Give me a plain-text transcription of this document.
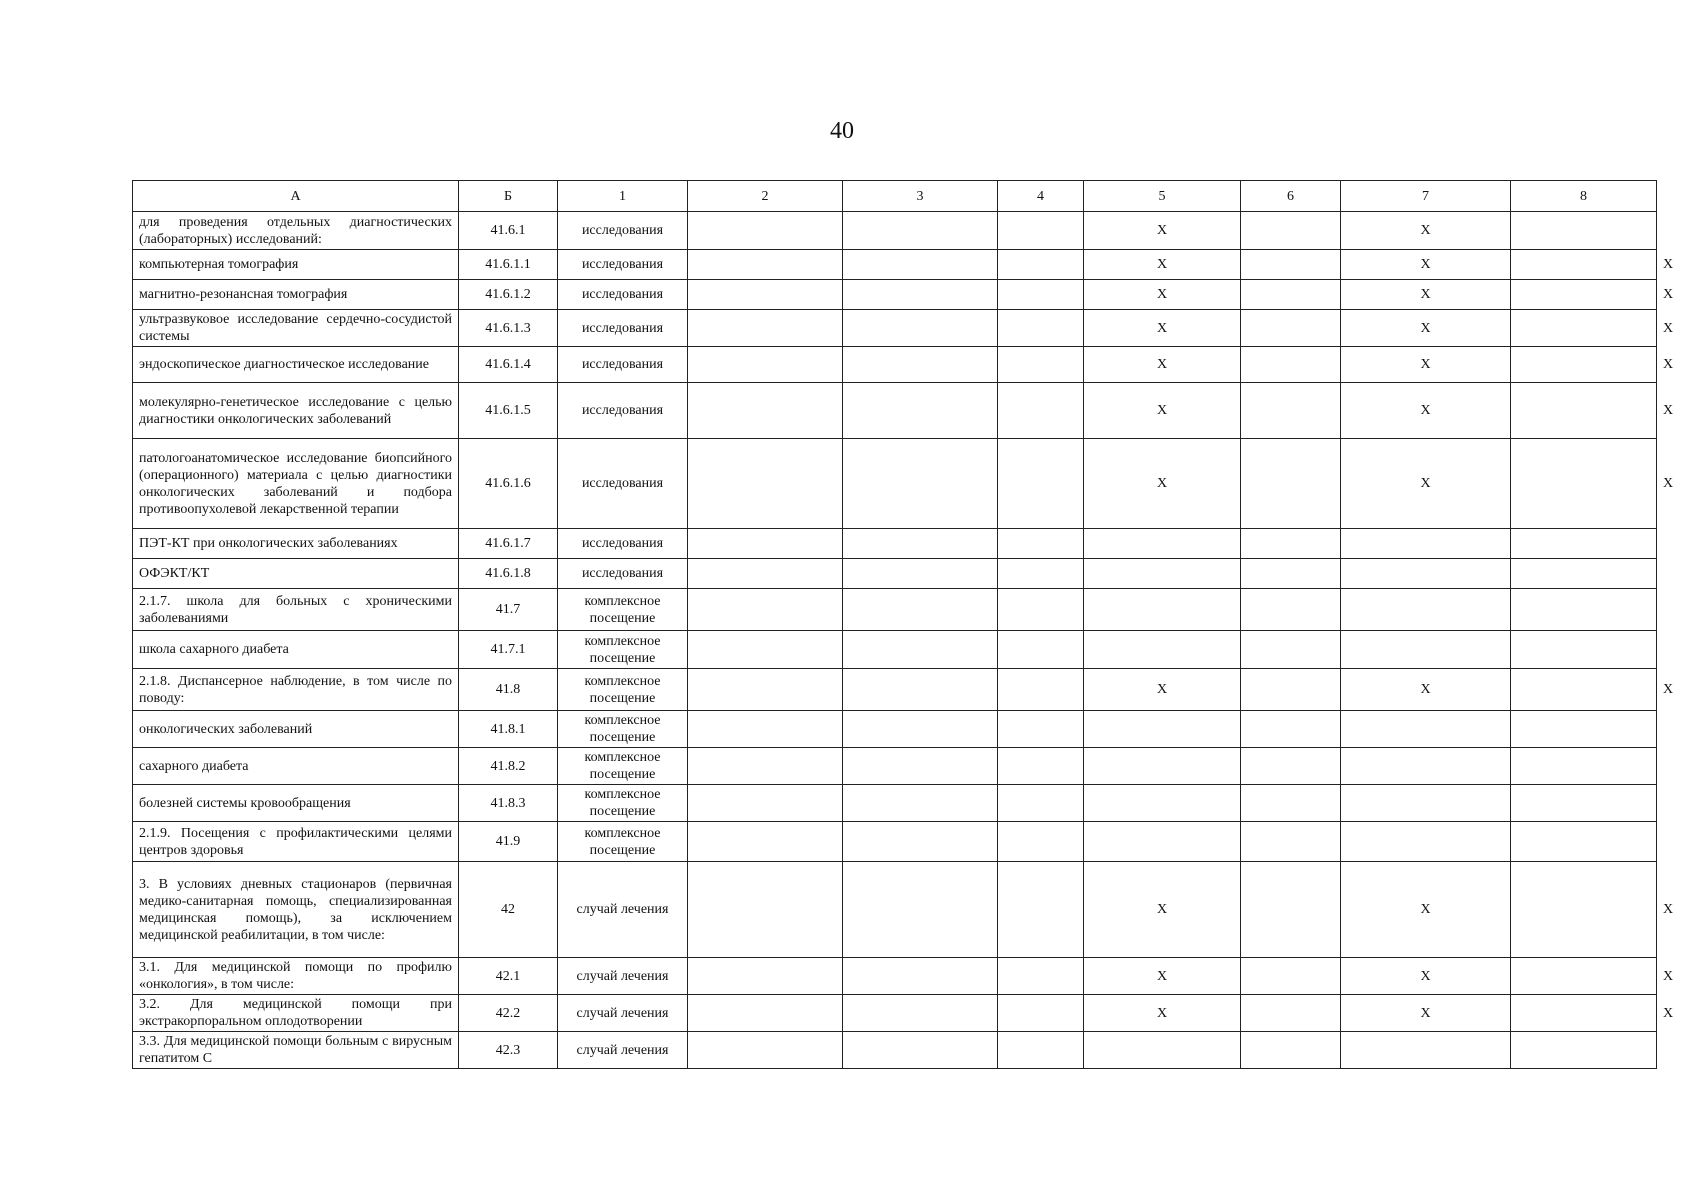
40
А	Б	1	2	3	4	5	6	7	8	
для проведения отдельных диагностических (лабораторных) исследований:	41.6.1	исследования				Х		Х		
компьютерная томография	41.6.1.1	исследования				Х		Х		Х
магнитно-резонансная томография	41.6.1.2	исследования				Х		Х		Х
ультразвуковое исследование сердечно-сосудистой системы	41.6.1.3	исследования				Х		Х		Х
эндоскопическое диагностическое исследование	41.6.1.4	исследования				Х		Х		Х
молекулярно-генетическое исследование с целью диагностики онкологических заболеваний	41.6.1.5	исследования				Х		Х		Х
патологоанатомическое исследование биопсийного (операционного) материала с целью диагностики онкологических заболеваний и подбора противоопухолевой лекарственной терапии	41.6.1.6	исследования				Х		Х		Х
ПЭТ-КТ при онкологических заболеваниях	41.6.1.7	исследования								
ОФЭКТ/КТ	41.6.1.8	исследования								
2.1.7. школа для больных с хроническими заболеваниями	41.7	комплексное посещение								
школа сахарного диабета	41.7.1	комплексное посещение								
2.1.8. Диспансерное наблюдение, в том числе по поводу:	41.8	комплексное посещение				Х		Х		Х
онкологических заболеваний	41.8.1	комплексное посещение								
сахарного диабета	41.8.2	комплексное посещение								
болезней системы кровообращения	41.8.3	комплексное посещение								
2.1.9. Посещения с профилактическими целями центров здоровья	41.9	комплексное посещение								
3. В условиях дневных стационаров (первичная медико-санитарная помощь, специализированная медицинская помощь), за исключением медицинской реабилитации, в том числе:	42	случай лечения				Х		Х		Х
3.1. Для медицинской помощи по профилю «онкология», в том числе:	42.1	случай лечения				Х		Х		Х
3.2. Для медицинской помощи при экстракорпоральном оплодотворении	42.2	случай лечения				Х		Х		Х
3.3. Для медицинской помощи больным с вирусным гепатитом С	42.3	случай лечения								
